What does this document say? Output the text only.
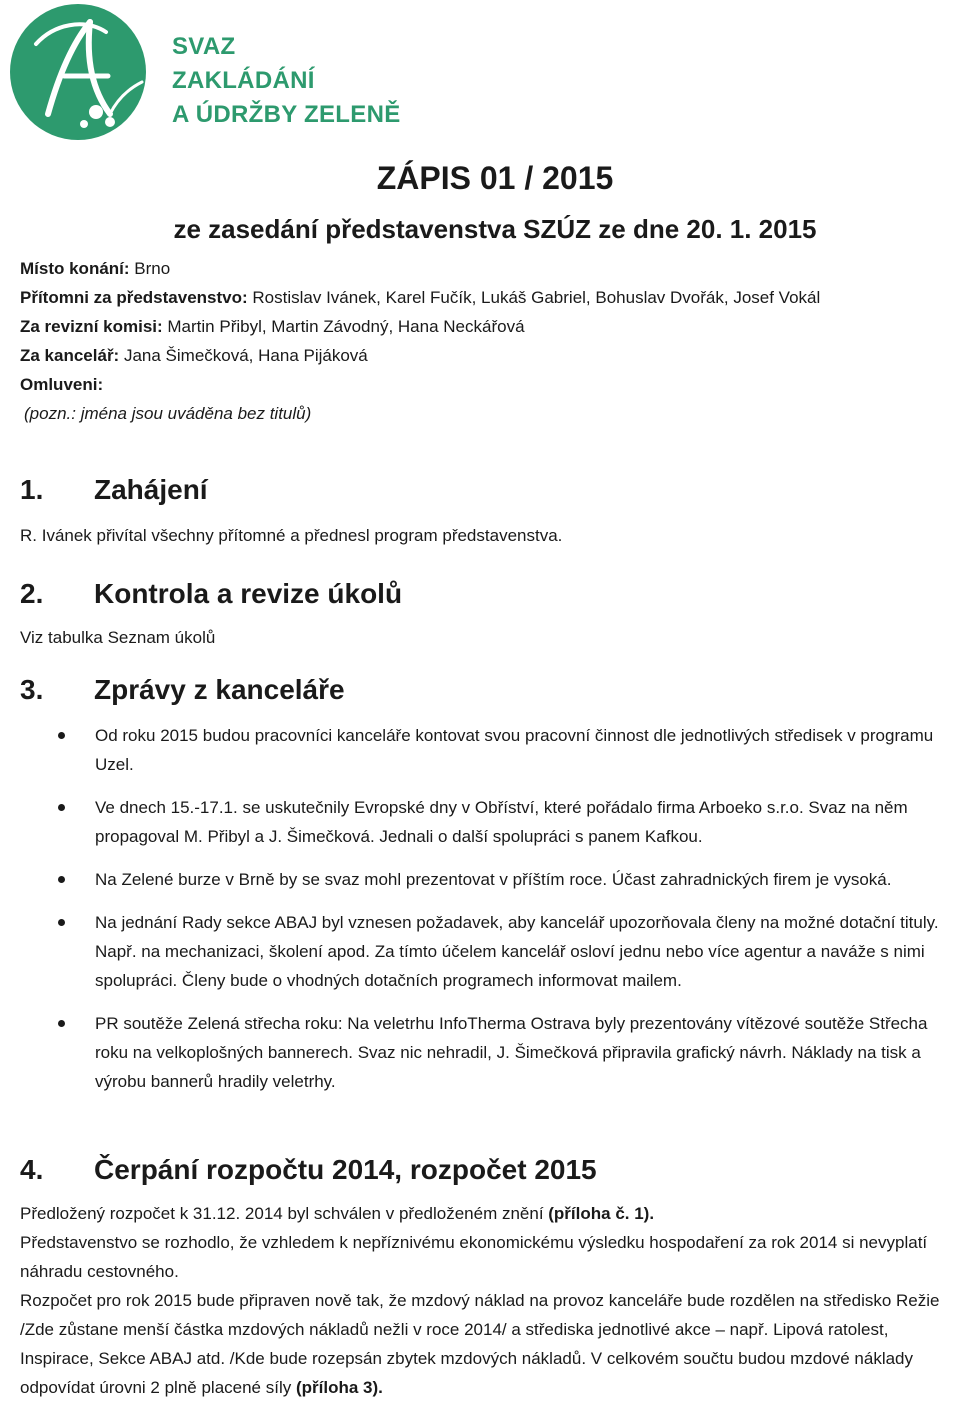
SVAZ
ZAKLÁDÁNÍ
A ÚDRŽBY ZELENĚ
ZÁPIS 01 / 2015
ze zasedání představenstva SZÚZ ze dne 20. 1. 2015
Místo konání: Brno
Přítomni za představenstvo: Rostislav Ivánek, Karel Fučík, Lukáš Gabriel, Bohuslav Dvořák, Josef Vokál
Za revizní komisi: Martin Přibyl, Martin Závodný, Hana Neckářová
Za kancelář: Jana Šimečková, Hana Pijáková
Omluveni:
(pozn.: jména jsou uváděna bez titulů)
1. Zahájení
R. Ivánek přivítal všechny přítomné a přednesl program představenstva.
2. Kontrola a revize úkolů
Viz tabulka Seznam úkolů
3. Zprávy z kanceláře
Od roku 2015 budou pracovníci kanceláře kontovat svou pracovní činnost dle jednotlivých středisek v programu Uzel.
Ve dnech 15.-17.1. se uskutečnily Evropské dny v Obříství, které pořádalo firma Arboeko s.r.o. Svaz na něm propagoval M. Přibyl a J. Šimečková. Jednali o další spolupráci s panem Kafkou.
Na Zelené burze v Brně by se svaz mohl prezentovat v příštím roce. Účast zahradnických firem je vysoká.
Na jednání Rady sekce ABAJ byl vznesen požadavek, aby kancelář upozorňovala členy na možné dotační tituly. Např. na mechanizaci, školení apod. Za tímto účelem kancelář osloví jednu nebo více agentur a naváže s nimi spolupráci. Členy bude o vhodných dotačních programech informovat mailem.
PR soutěže Zelená střecha roku: Na veletrhu InfoTherma Ostrava byly prezentovány vítězové soutěže Střecha roku na velkoplošných bannerech. Svaz nic nehradil, J. Šimečková připravila grafický návrh. Náklady na tisk a výrobu bannerů hradily veletrhy.
4. Čerpání rozpočtu 2014, rozpočet 2015

Předložený rozpočet k 31.12. 2014 byl schválen v předloženém znění (příloha č. 1).

Představenstvo se rozhodlo, že vzhledem k nepříznivému ekonomickému výsledku hospodaření za rok 2014 si nevyplatí náhradu cestovného.

Rozpočet pro rok 2015 bude připraven nově tak, že mzdový náklad na provoz kanceláře bude rozdělen na středisko Režie /Zde zůstane menší částka mzdových nákladů nežli v roce 2014/ a střediska jednotlivé akce – např. Lipová ratolest, Inspirace, Sekce ABAJ atd. /Kde bude rozepsán zbytek mzdových nákladů. V celkovém součtu budou mzdové náklady odpovídat úrovni 2 plně placené síly (příloha 3).
